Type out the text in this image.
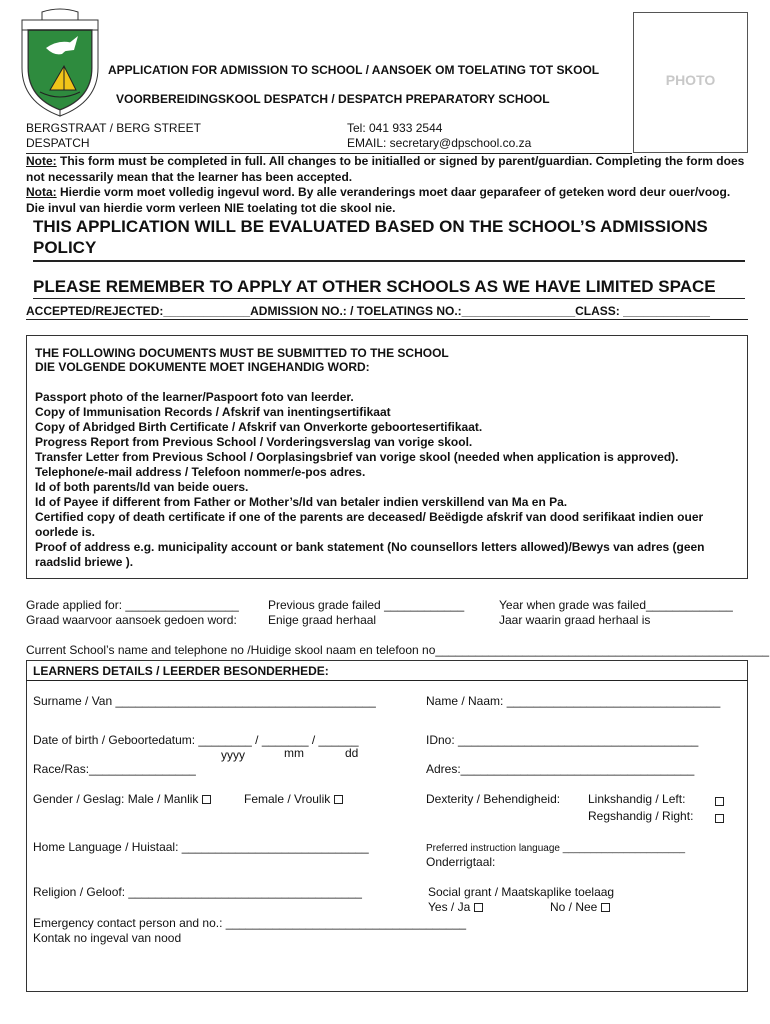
APPLICATION FOR ADMISSION TO SCHOOL / AANSOEK OM TOELATING TOT SKOOL
VOORBEREIDINGSKOOL DESPATCH / DESPATCH PREPARATORY SCHOOL
PHOTO
BERGSTRAAT / BERG STREET
DESPATCH
Tel: 041 933 2544
EMAIL: secretary@dpschool.co.za
Note: This form must be completed in full. All changes to be initialled or signed by parent/guardian. Completing the form does not necessarily mean that the learner has been accepted.
Nota: Hierdie vorm moet volledig ingevul word. By alle veranderings moet daar geparafeer of geteken word deur ouer/voog. Die invul van hierdie vorm verleen NIE toelating tot die skool nie.
THIS APPLICATION WILL BE EVALUATED BASED ON THE SCHOOL’S ADMISSIONS POLICY
PLEASE REMEMBER TO APPLY AT OTHER SCHOOLS AS WE HAVE LIMITED SPACE
ACCEPTED/REJECTED:_____________ADMISSION NO.: / TOELATINGS NO.:_________________CLASS: _____________
THE FOLLOWING DOCUMENTS MUST BE SUBMITTED TO THE SCHOOL
DIE VOLGENDE DOKUMENTE MOET INGEHANDIG WORD:
Passport photo of the learner/Paspoort foto van leerder.
Copy of Immunisation Records / Afskrif van inentingsertifikaat
Copy of Abridged Birth Certificate / Afskrif van Onverkorte geboortesertifikaat.
Progress Report from Previous School / Vorderingsverslag van vorige skool.
Transfer Letter from Previous School / Oorplasingsbrief van vorige skool (needed when application is approved).
Telephone/e-mail address / Telefoon nommer/e-pos adres.
Id of both parents/Id van beide ouers.
Id of Payee if different from Father or Mother’s/Id van betaler indien verskillend van Ma en Pa.
Certified copy of death certificate if one of the parents are deceased/ Beëdigde afskrif van dood serifikaat indien ouer oorlede is.
Proof of address e.g. municipality account or bank statement (No counsellors letters allowed)/Bewys van adres (geen raadslid briewe ).
Grade applied for: _________________
Graad waarvoor aansoek gedoen word:
Previous grade failed ____________
Enige graad herhaal
Year when grade was failed_____________
Jaar waarin graad herhaal is
Current School’s name and telephone no /Huidige skool naam en telefoon no__________________________________________________
LEARNERS DETAILS / LEERDER BESONDERHEDE:
Surname / Van _______________________________________	Name / Naam: ________________________________
Date of birth / Geboortedatum: ________ / _______ / ______
yyyy	mm	dd
IDno: ____________________________________
Race/Ras:________________	Adres:___________________________________
Gender / Geslag: Male / Manlik	Female / Vroulik	Dexterity / Behendigheid: Linkshandig / Left:
Regshandig / Right:
Home Language / Huistaal: ____________________________	Preferred instruction language ______________________
Onderrigtaal:
Religion / Geloof: ___________________________________	Social grant / Maatskaplike toelaag
Yes / Ja	No / Nee
Emergency contact person and no.: ____________________________________
Kontak no ingeval van nood
